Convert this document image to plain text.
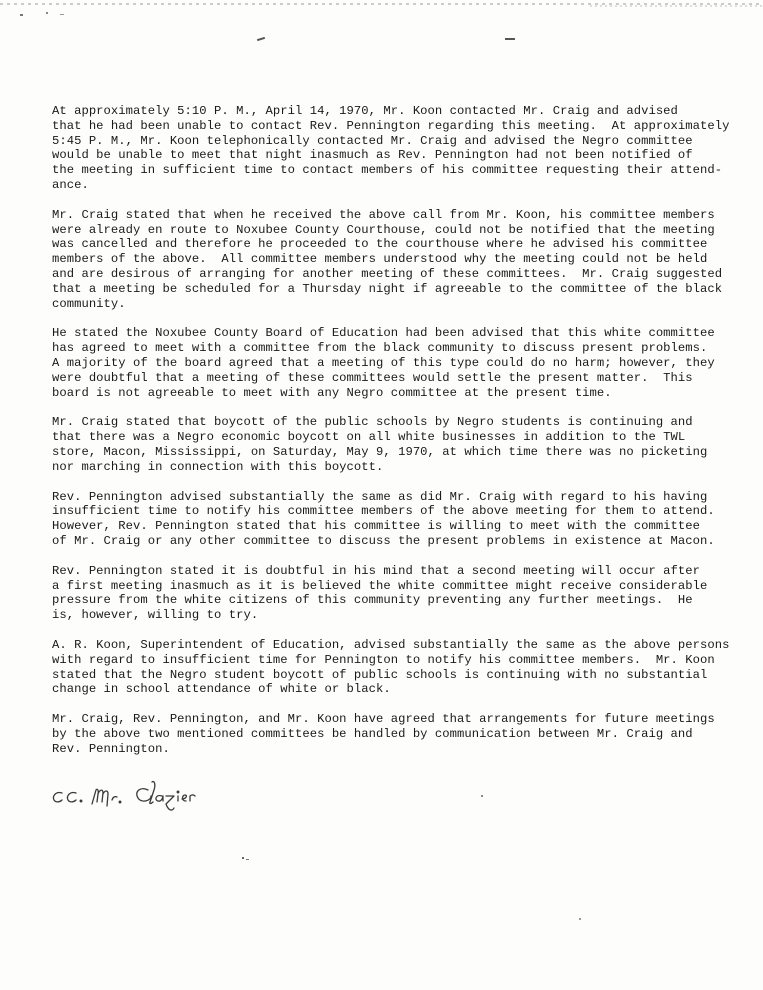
At approximately 5:10 P. M., April 14, 1970, Mr. Koon contacted Mr. Craig and advised
that he had been unable to contact Rev. Pennington regarding this meeting.  At approximately
5:45 P. M., Mr. Koon telephonically contacted Mr. Craig and advised the Negro committee
would be unable to meet that night inasmuch as Rev. Pennington had not been notified of
the meeting in sufficient time to contact members of his committee requesting their attend-
ance.

Mr. Craig stated that when he received the above call from Mr. Koon, his committee members
were already en route to Noxubee County Courthouse, could not be notified that the meeting
was cancelled and therefore he proceeded to the courthouse where he advised his committee
members of the above.  All committee members understood why the meeting could not be held
and are desirous of arranging for another meeting of these committees.  Mr. Craig suggested
that a meeting be scheduled for a Thursday night if agreeable to the committee of the black
community.

He stated the Noxubee County Board of Education had been advised that this white committee
has agreed to meet with a committee from the black community to discuss present problems.
A majority of the board agreed that a meeting of this type could do no harm; however, they
were doubtful that a meeting of these committees would settle the present matter.  This
board is not agreeable to meet with any Negro committee at the present time.

Mr. Craig stated that boycott of the public schools by Negro students is continuing and
that there was a Negro economic boycott on all white businesses in addition to the TWL
store, Macon, Mississippi, on Saturday, May 9, 1970, at which time there was no picketing
nor marching in connection with this boycott.

Rev. Pennington advised substantially the same as did Mr. Craig with regard to his having
insufficient time to notify his committee members of the above meeting for them to attend.
However, Rev. Pennington stated that his committee is willing to meet with the committee
of Mr. Craig or any other committee to discuss the present problems in existence at Macon.

Rev. Pennington stated it is doubtful in his mind that a second meeting will occur after
a first meeting inasmuch as it is believed the white committee might receive considerable
pressure from the white citizens of this community preventing any further meetings.  He
is, however, willing to try.

A. R. Koon, Superintendent of Education, advised substantially the same as the above persons
with regard to insufficient time for Pennington to notify his committee members.  Mr. Koon
stated that the Negro student boycott of public schools is continuing with no substantial
change in school attendance of white or black.

Mr. Craig, Rev. Pennington, and Mr. Koon have agreed that arrangements for future meetings
by the above two mentioned committees be handled by communication between Mr. Craig and
Rev. Pennington.
